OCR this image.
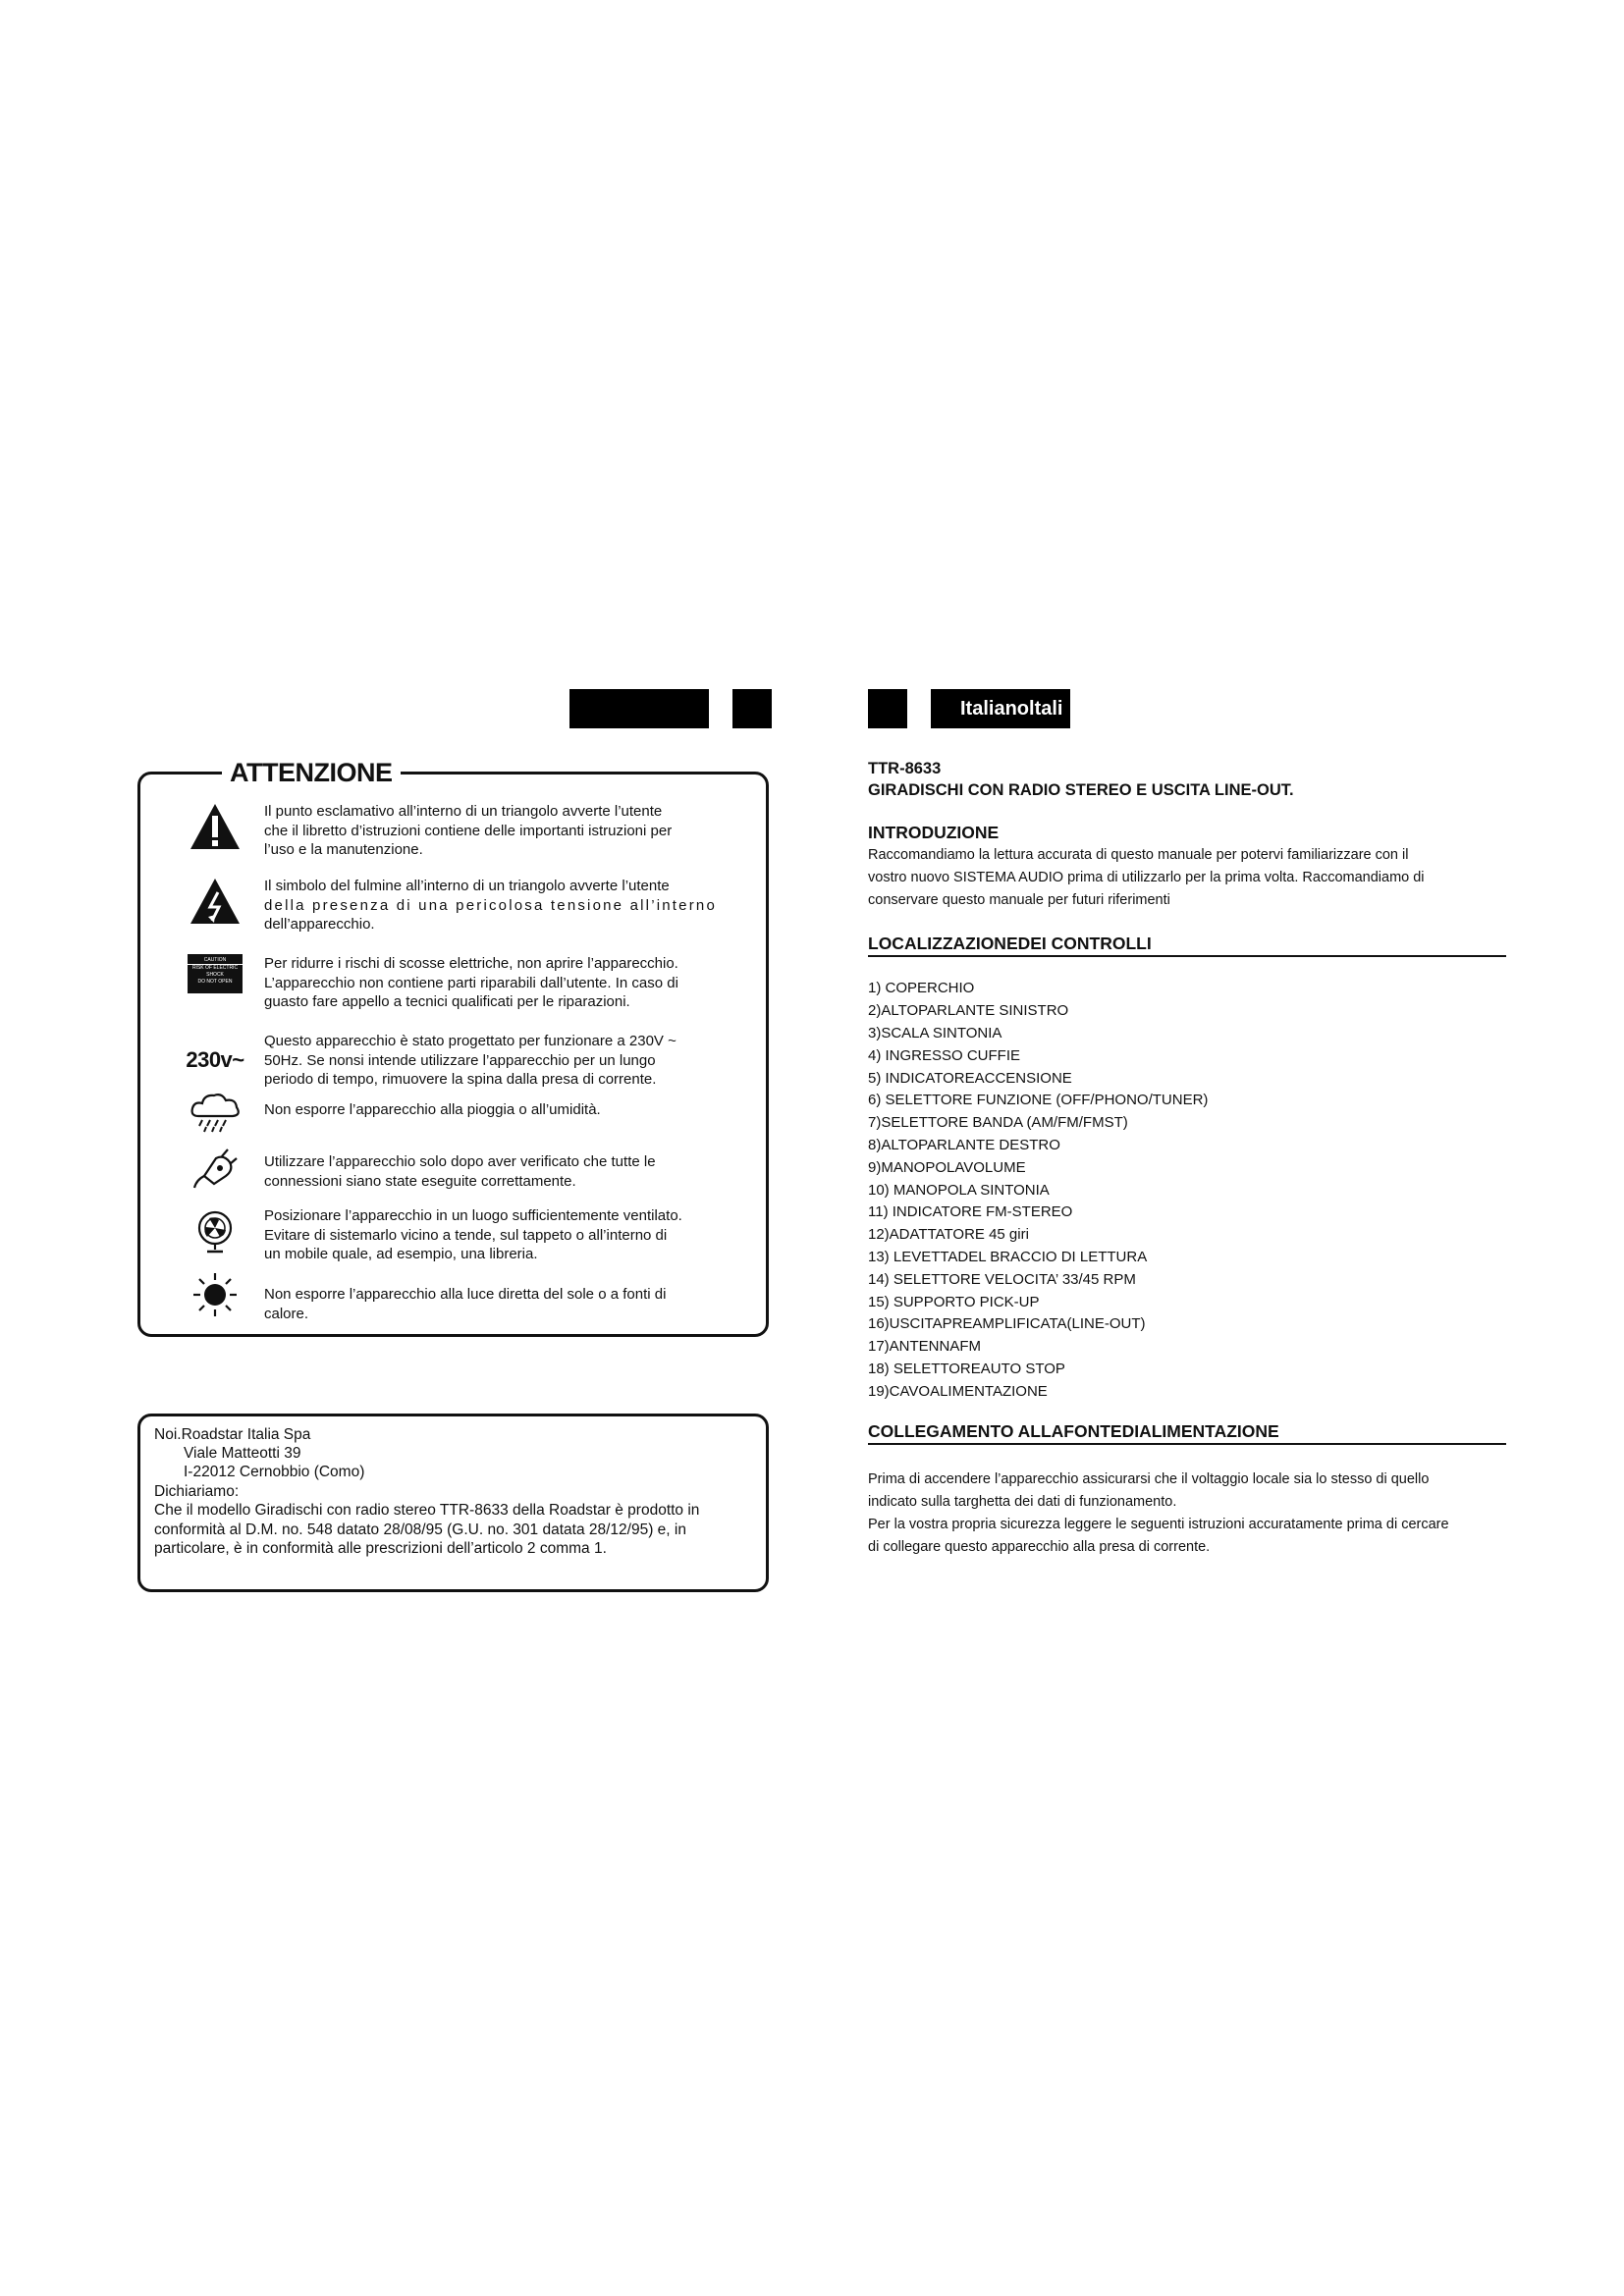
Italianoltali
Il punto esclamativo all’interno di un triangolo avverte l’utente
che il libretto d’istruzioni contiene delle importanti istruzioni per
l’uso e la manutenzione.
Il simbolo del fulmine all’interno di un triangolo avverte l’utente
della presenza di una pericolosa tensione all’interno
dell’apparecchio.
CAUTION
RISK OF ELECTRIC
SHOCK
DO NOT OPEN
Per ridurre i rischi di scosse elettriche, non aprire l’apparecchio.
L’apparecchio non contiene parti riparabili dall’utente. In caso di
guasto fare appello a tecnici qualificati per le riparazioni.
230v~
Questo apparecchio è stato progettato per funzionare a 230V ~
50Hz. Se nonsi intende utilizzare l’apparecchio per un lungo
periodo di tempo, rimuovere la spina dalla presa di corrente.
Non esporre l’apparecchio alla pioggia o all’umidità.
Utilizzare l’apparecchio solo dopo aver verificato che tutte le
connessioni siano state eseguite correttamente.
Posizionare l’apparecchio in un luogo sufficientemente ventilato.
Evitare di sistemarlo vicino a tende, sul tappeto o all’interno di
un mobile quale, ad esempio, una libreria.
Non esporre l’apparecchio alla luce diretta del sole o a fonti di
calore.
ATTENZIONE
Noi.Roadstar Italia Spa
Viale Matteotti 39
I-22012 Cernobbio (Como)
Dichiariamo:
Che il modello Giradischi con radio stereo TTR-8633 della Roadstar è prodotto in
conformità al D.M. no. 548 datato 28/08/95 (G.U. no. 301 datata 28/12/95) e, in
particolare, è in conformità alle prescrizioni dell’articolo 2 comma 1.
TTR-8633
GIRADISCHI CON RADIO STEREO E USCITA LINE-OUT.
INTRODUZIONE
Raccomandiamo la lettura accurata di questo manuale per potervi familiarizzare con il
vostro nuovo SISTEMA AUDIO prima di utilizzarlo per la prima volta. Raccomandiamo di
conservare questo manuale per futuri riferimenti
LOCALIZZAZIONEDEI CONTROLLI
1) COPERCHIO
2)ALTOPARLANTE SINISTRO
3)SCALA SINTONIA
4) INGRESSO CUFFIE
5) INDICATOREACCENSIONE
6) SELETTORE FUNZIONE (OFF/PHONO/TUNER)
7)SELETTORE BANDA (AM/FM/FMST)
8)ALTOPARLANTE DESTRO
9)MANOPOLAVOLUME
10) MANOPOLA SINTONIA
11) INDICATORE FM-STEREO
12)ADATTATORE 45 giri
13) LEVETTADEL BRACCIO DI LETTURA
14) SELETTORE VELOCITA’ 33/45 RPM
15) SUPPORTO PICK-UP
16)USCITAPREAMPLIFICATA(LINE-OUT)
17)ANTENNAFM
18) SELETTOREAUTO STOP
19)CAVOALIMENTAZIONE
COLLEGAMENTO ALLAFONTEDIALIMENTAZIONE
Prima di accendere l’apparecchio assicurarsi che il voltaggio locale sia lo stesso di quello
indicato sulla targhetta dei dati di funzionamento.
Per la vostra propria sicurezza leggere le seguenti istruzioni accuratamente prima di cercare
di collegare questo apparecchio alla presa di corrente.
